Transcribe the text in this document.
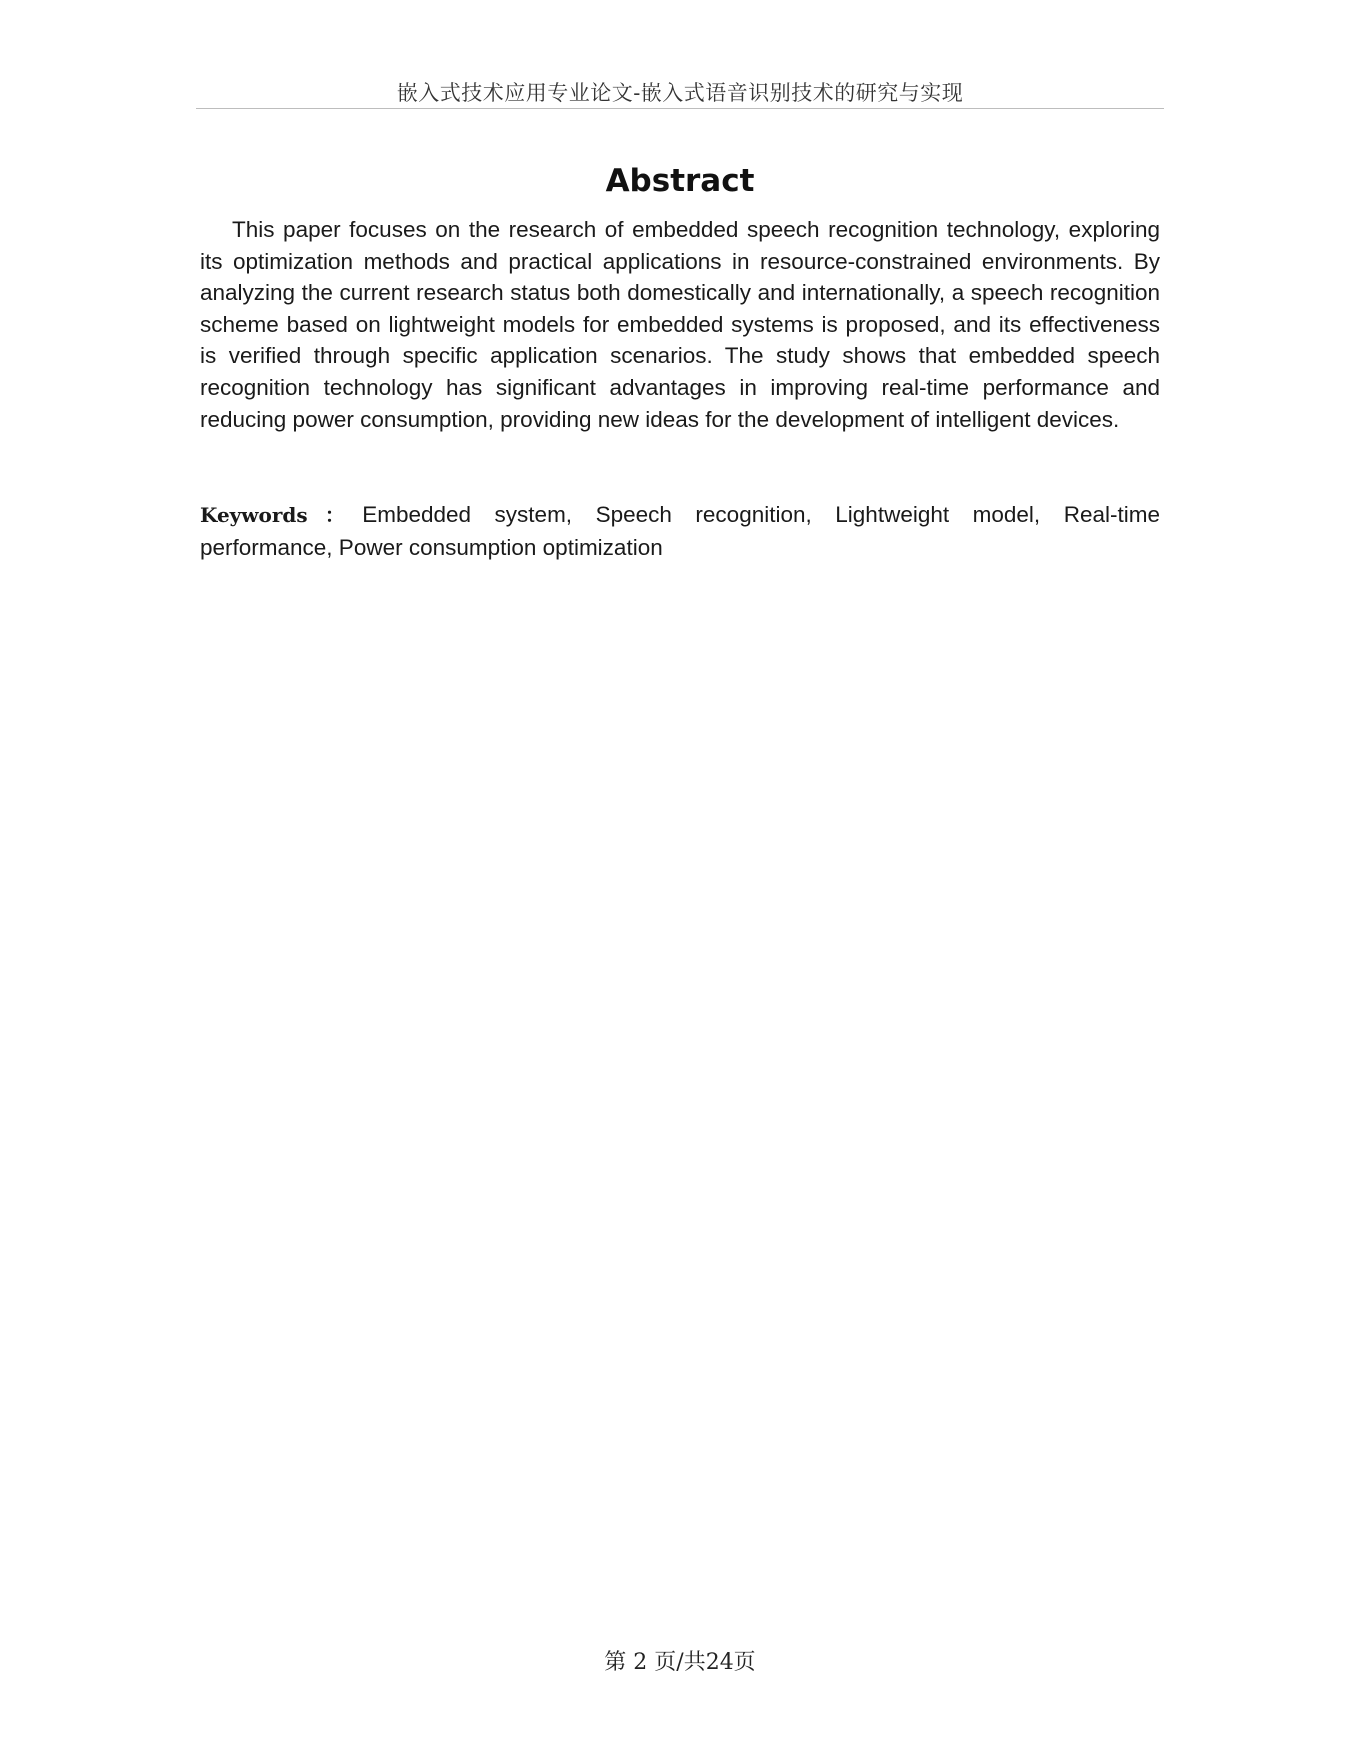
嵌入式技术应用专业论文-嵌入式语音识别技术的研究与实现
Abstract

This paper focuses on the research of embedded speech recognition technology, exploring its optimization methods and practical applications in resource-constrained environments. By analyzing the current research status both domestically and internationally, a speech recognition scheme based on lightweight models for embedded systems is proposed, and its effectiveness is verified through specific application scenarios. The study shows that embedded speech recognition technology has significant advantages in improving real-time performance and reducing power consumption, providing new ideas for the development of intelligent devices.

Keywords：Embedded system, Speech recognition, Lightweight model, Real-time performance, Power consumption optimization

第 2 页/共24页
